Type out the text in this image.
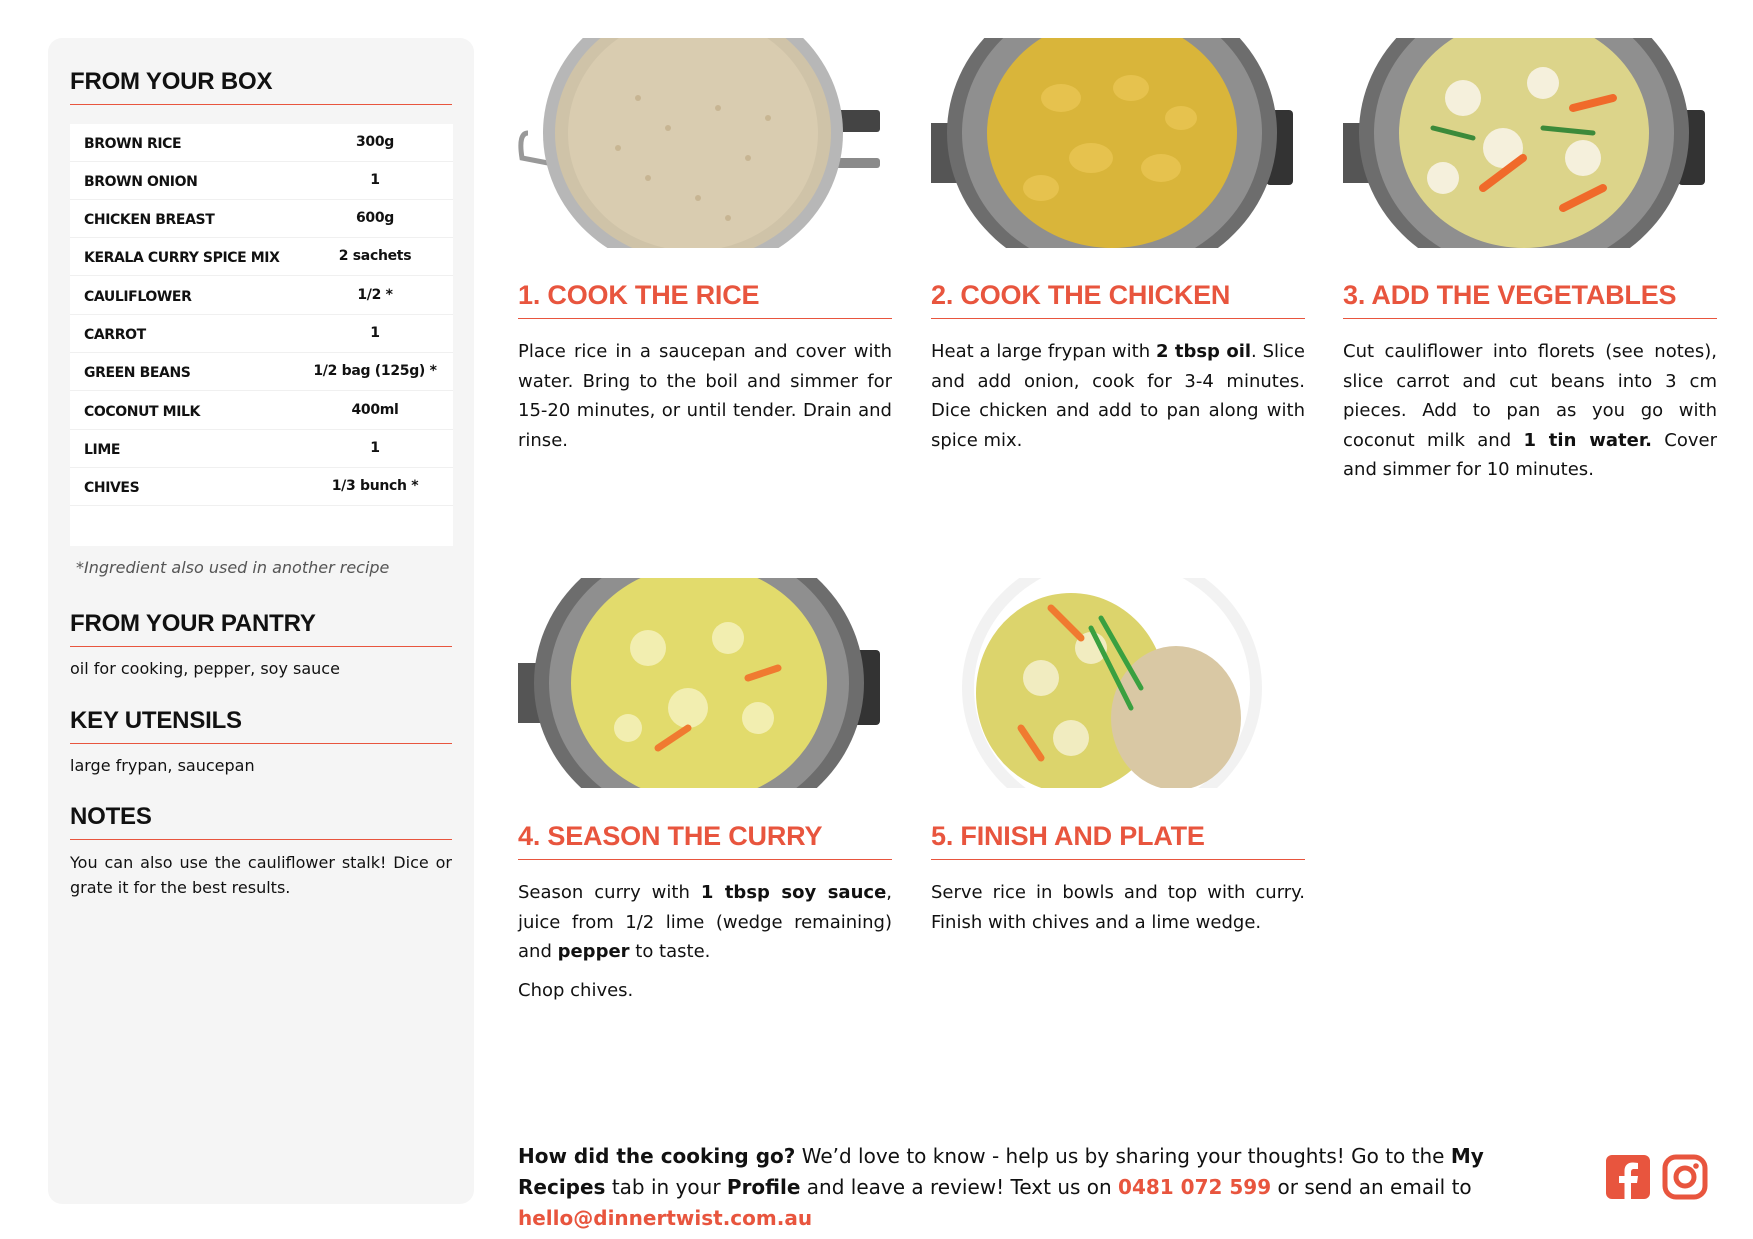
FROM YOUR BOX
BROWN RICE	300g
BROWN ONION	1
CHICKEN BREAST	600g
KERALA CURRY SPICE MIX	2 sachets
CAULIFLOWER	1/2 *
CARROT	1
GREEN BEANS	1/2 bag (125g) *
COCONUT MILK	400ml
LIME	1
CHIVES	1/3 bunch *
*Ingredient also used in another recipe
FROM YOUR PANTRY
oil for cooking, pepper, soy sauce
KEY UTENSILS
large frypan, saucepan
NOTES
You can also use the cauliflower stalk! Dice or grate it for the best results.
1. COOK THE RICE

Place rice in a saucepan and cover with water. Bring to the boil and simmer for 15-20 minutes, or until tender. Drain and rinse.

2. COOK THE CHICKEN

Heat a large frypan with 2 tbsp oil. Slice and add onion, cook for 3-4 minutes. Dice chicken and add to pan along with spice mix.

3. ADD THE VEGETABLES

Cut cauliflower into florets (see notes), slice carrot and cut beans into 3 cm pieces. Add to pan as you go with coconut milk and 1 tin water. Cover and simmer for 10 minutes.

4. SEASON THE CURRY

Season curry with 1 tbsp soy sauce, juice from 1/2 lime (wedge remaining) and pepper to taste.

Chop chives.
5. FINISH AND PLATE

Serve rice in bowls and top with curry. Finish with chives and a lime wedge.

How did the cooking go? We’d love to know - help us by sharing your thoughts! Go to the My Recipes tab in your Profile and leave a review! Text us on 0481 072 599 or send an email to hello@dinnertwist.com.au
